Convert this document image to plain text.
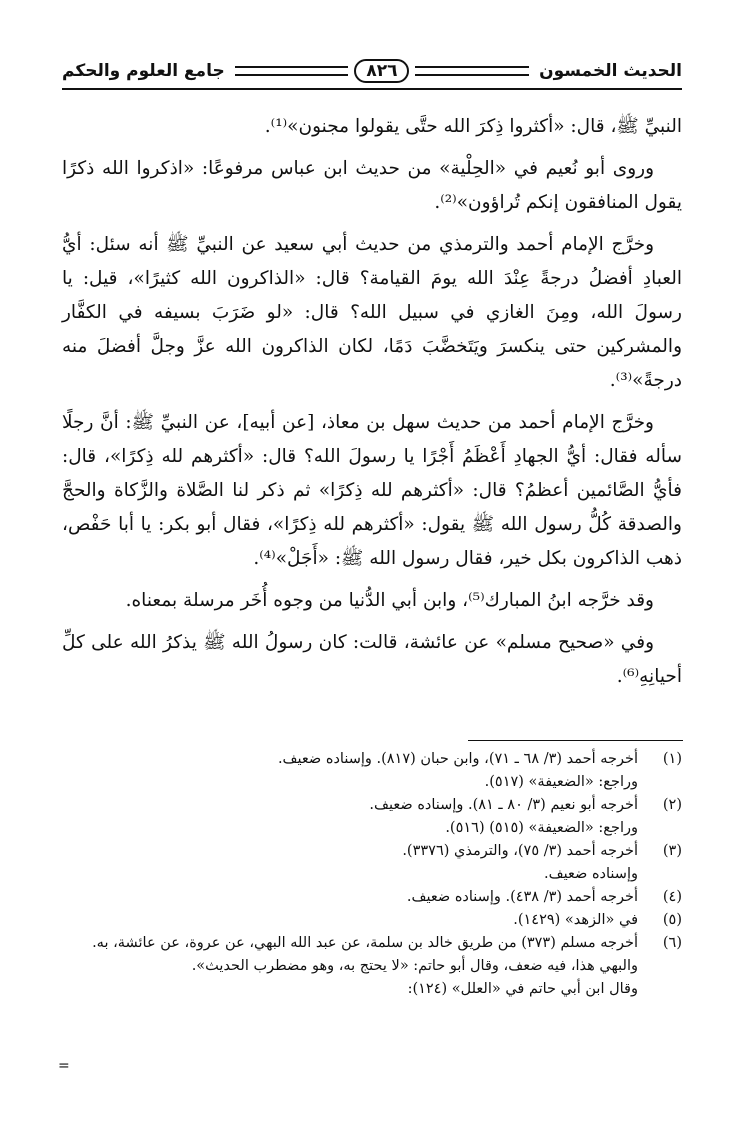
الحديث الخمسون
٨٢٦
جامع العلوم والحكم

النبيِّ ﷺ، قال: «أكثروا ذِكرَ الله حتَّى يقولوا مجنون»⁽¹⁾.

وروى أبو نُعيم في «الحِلْية» من حديث ابن عباس مرفوعًا: «اذكروا الله ذكرًا يقول المنافقون إنكم تُراؤون»⁽²⁾.

وخرَّج الإمام أحمد والترمذي من حديث أبي سعيد عن النبيِّ ﷺ أنه سئل: أيُّ العبادِ أفضلُ درجةً عِنْدَ الله يومَ القيامة؟ قال: «الذاكرون الله كثيرًا»، قيل: يا رسولَ الله، ومِنَ الغازي في سبيل الله؟ قال: «لو ضَرَبَ بسيفه في الكفَّار والمشركين حتى ينكسرَ ويَتَخضَّبَ دَمًا، لكان الذاكرون الله عزَّ وجلَّ أفضلَ منه درجةً»⁽³⁾.

وخرَّج الإمام أحمد من حديث سهل بن معاذ، [عن أبيه]، عن النبيِّ ﷺ: أنَّ رجلًا سأله فقال: أيُّ الجهادِ أَعْظَمُ أَجْرًا يا رسولَ الله؟ قال: «أكثرهم لله ذِكرًا»، قال: فأيُّ الصَّائمين أعظمُ؟ قال: «أكثرهم لله ذِكرًا» ثم ذكر لنا الصَّلاة والزَّكاة والحجَّ والصدقة كُلُّ رسول الله ﷺ يقول: «أكثرهم لله ذِكرًا»، فقال أبو بكر: يا أبا حَفْص، ذهب الذاكرون بكل خير، فقال رسول الله ﷺ: «أَجَلْ»⁽⁴⁾.

وقد خرَّجه ابنُ المبارك⁽⁵⁾، وابن أبي الدُّنيا من وجوه أُخَر مرسلة بمعناه.

وفي «صحيح مسلم» عن عائشة، قالت: كان رسولُ الله ﷺ يذكرُ الله على كلِّ أحيانِهِ⁽⁶⁾.

(١)
أخرجه أحمد (٣/ ٦٨ ـ ٧١)، وابن حبان (٨١٧). وإسناده ضعيف.
وراجع: «الضعيفة» (٥١٧).
(٢)
أخرجه أبو نعيم (٣/ ٨٠ ـ ٨١). وإسناده ضعيف.
وراجع: «الضعيفة» (٥١٥) (٥١٦).
(٣)
أخرجه أحمد (٣/ ٧٥)، والترمذي (٣٣٧٦).
وإسناده ضعيف.
(٤)
أخرجه أحمد (٣/ ٤٣٨). وإسناده ضعيف.
(٥)
في «الزهد» (١٤٢٩).
(٦)
أخرجه مسلم (٣٧٣) من طريق خالد بن سلمة، عن عبد الله البهي، عن عروة، عن عائشة، به.
والبهي هذا، فيه ضعف، وقال أبو حاتم: «لا يحتج به، وهو مضطرب الحديث».
وقال ابن أبي حاتم في «العلل» (١٢٤):
=
